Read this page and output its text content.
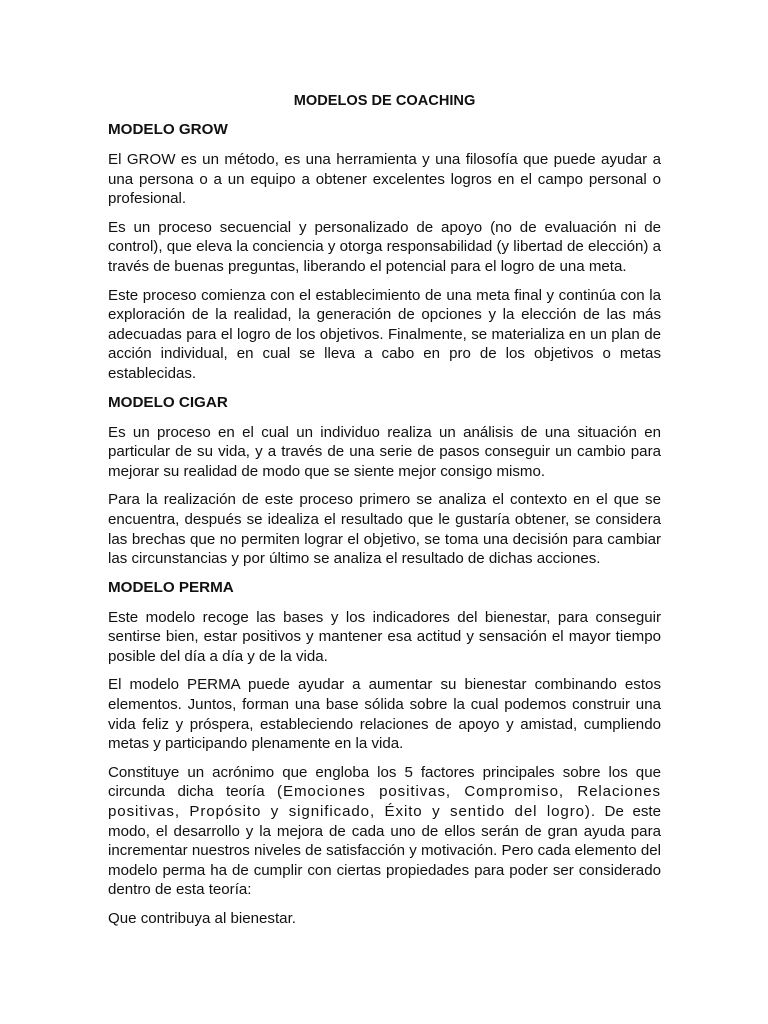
MODELOS DE COACHING
MODELO GROW

El GROW es un método, es una herramienta y una filosofía que puede ayudar a una persona o a un equipo a obtener excelentes logros en el campo personal o profesional.

Es un proceso secuencial y personalizado de apoyo (no de evaluación ni de control), que eleva la conciencia y otorga responsabilidad (y libertad de elección) a través de buenas preguntas, liberando el potencial para el logro de una meta.

Este proceso comienza con el establecimiento de una meta final y continúa con la exploración de la realidad, la generación de opciones y la elección de las más adecuadas para el logro de los objetivos. Finalmente, se materializa en un plan de acción individual, en cual se lleva a cabo en pro de los objetivos o metas establecidas.

MODELO CIGAR

Es un proceso en el cual un individuo realiza un análisis de una situación en particular de su vida, y a través de una serie de pasos conseguir un cambio para mejorar su realidad de modo que se siente mejor consigo mismo.

Para la realización de este proceso primero se analiza el contexto en el que se encuentra, después se idealiza el resultado que le gustaría obtener, se considera las brechas que no permiten lograr el objetivo, se toma una decisión para cambiar las circunstancias y por último se analiza el resultado de dichas acciones.

MODELO PERMA

Este modelo recoge las bases y los indicadores del bienestar, para conseguir sentirse bien, estar positivos y mantener esa actitud y sensación el mayor tiempo posible del día a día y de la vida.

El modelo PERMA puede ayudar a aumentar su bienestar combinando estos elementos. Juntos, forman una base sólida sobre la cual podemos construir una vida feliz y próspera, estableciendo relaciones de apoyo y amistad, cumpliendo metas y participando plenamente en la vida.

Constituye un acrónimo que engloba los 5 factores principales sobre los que circunda dicha teoría (Emociones positivas, Compromiso, Relaciones positivas, Propósito y significado, Éxito y sentido del logro). De este modo, el desarrollo y la mejora de cada uno de ellos serán de gran ayuda para incrementar nuestros niveles de satisfacción y motivación. Pero cada elemento del modelo perma ha de cumplir con ciertas propiedades para poder ser considerado dentro de esta teoría:

Que contribuya al bienestar.
